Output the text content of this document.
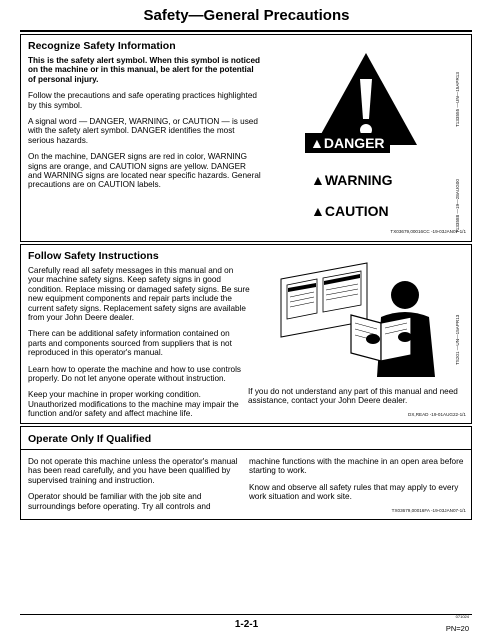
Safety—General Precautions
Recognize Safety Information

This is the safety alert symbol. When this symbol is noticed on the machine or in this manual, be alert for the potential of personal injury.

Follow the precautions and safe operating practices highlighted by this symbol.

A signal word — DANGER, WARNING, or CAUTION — is used with the safety alert symbol. DANGER identifies the most serious hazards.

On the machine, DANGER signs are red in color, WARNING signs are orange, and CAUTION signs are yellow. DANGER and WARNING signs are located near specific hazards. General precautions are on CAUTION labels.

T133555 —UN—15APR13
▲DANGER
▲WARNING
▲CAUTION	T133588 —19—28AUG00
TX03679,00016CC -19-03JAN07-1/1
Follow Safety Instructions

Carefully read all safety messages in this manual and on your machine safety signs. Keep safety signs in good condition. Replace missing or damaged safety signs. Be sure new equipment components and repair parts include the current safety signs. Replacement safety signs are available from your John Deere dealer.

There can be additional safety information contained on parts and components sourced from suppliers that is not reproduced in this operator's manual.

Learn how to operate the machine and how to use controls properly. Do not let anyone operate without instruction.

Keep your machine in proper working condition. Unauthorized modifications to the machine may impair the function and/or safety and affect machine life.

TS201 —UN—15APR13
If you do not understand any part of this manual and need assistance, contact your John Deere dealer.
DX,READ -19-01AUG22-1/1
Operate Only If Qualified

Do not operate this machine unless the operator's manual has been read carefully, and you have been qualified by supervised training and instruction.

Operator should be familiar with the job site and surroundings before operating. Try all controls and

machine functions with the machine in an open area before starting to work.

Know and observe all safety rules that may apply to every work situation and work site.

TX03679,00016FA -19-03JAN07-1/1
1-2-1
071024
PN=20
